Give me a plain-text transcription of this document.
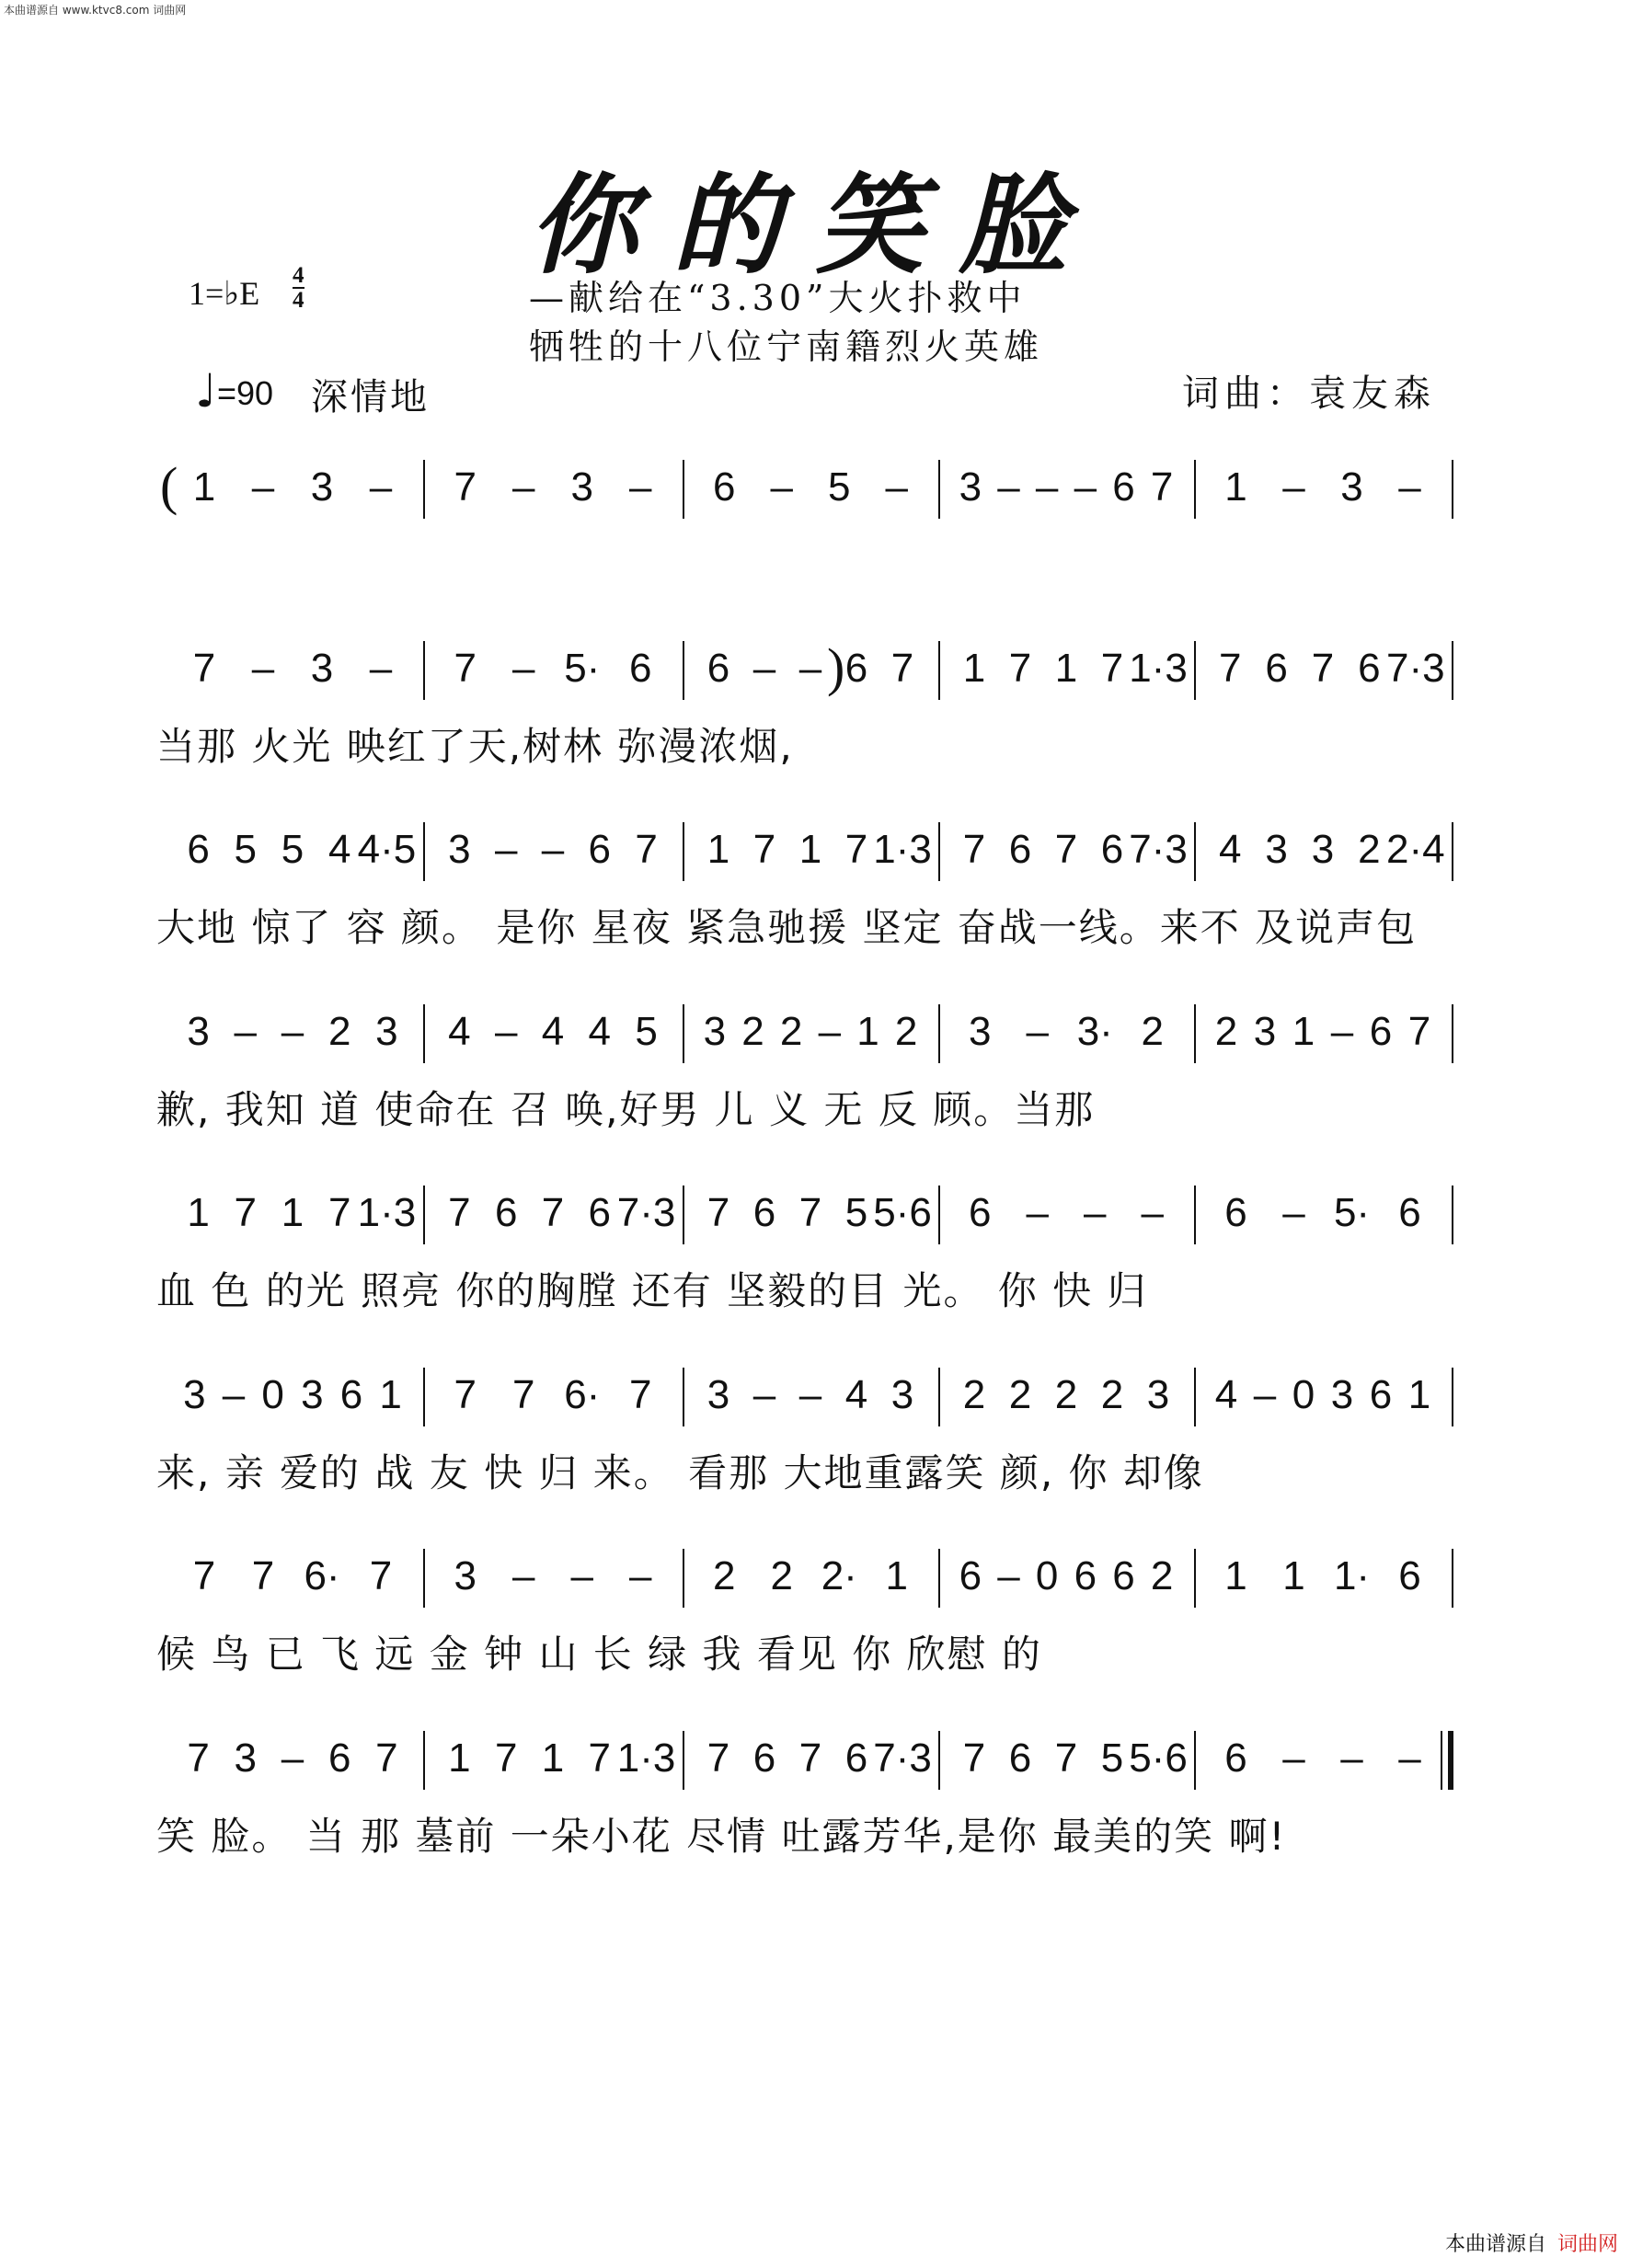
本曲谱源自 www.ktvc8.com 词曲网
你的笑脸
1=♭E 4
4	—献给在“3.30”大火扑救中
牺牲的十八位宁南籍烈火英雄
♩ =90 深情地	词曲：袁友森
( 1 – 3 – 7 – 3 – 6 – 5 – 3 – – – 6 7 1 – 3 –
7 – 3 – 7 – 5· 6 6 – – ) 6 7 1 7 1 7 1·3 7 6 7 6 7·3
当那 火光 映红了天,树林 弥漫浓烟,
6 5 5 4 4·5 3 – – 6 7 1 7 1 7 1·3 7 6 7 6 7·3 4 3 3 2 2·4
大地 惊了 容 颜。 是你 星夜 紧急驰援 坚定 奋战一线。来不 及说声包
3 – – 2 3 4 – 4 4 5 3 2 2 – 1 2 3 – 3· 2 2 3 1 – 6 7
歉, 我知 道 使命在 召 唤,好男 儿 义 无 反 顾。当那
1 7 1 7 1·3 7 6 7 6 7·3 7 6 7 5 5·6 6 – – – 6 – 5· 6
血 色 的光 照亮 你的胸膛 还有 坚毅的目 光。 你 快 归
3 – 0 3 6 1 7 7 6· 7 3 – – 4 3 2 2 2 2 3 4 – 0 3 6 1
来, 亲 爱的 战 友 快 归 来。 看那 大地重露笑 颜, 你 却像
7 7 6· 7 3 – – – 2 2 2· 1 6 – 0 6 6 2 1 1 1· 6
候 鸟 已 飞 远 金 钟 山 长 绿 我 看见 你 欣慰 的
7 3 – 6 7 1 7 1 7 1·3 7 6 7 6 7·3 7 6 7 5 5·6 6 – – –
笑 脸。 当 那 墓前 一朵小花 尽情 吐露芳华,是你 最美的笑 啊!
本曲谱源自 词曲网
